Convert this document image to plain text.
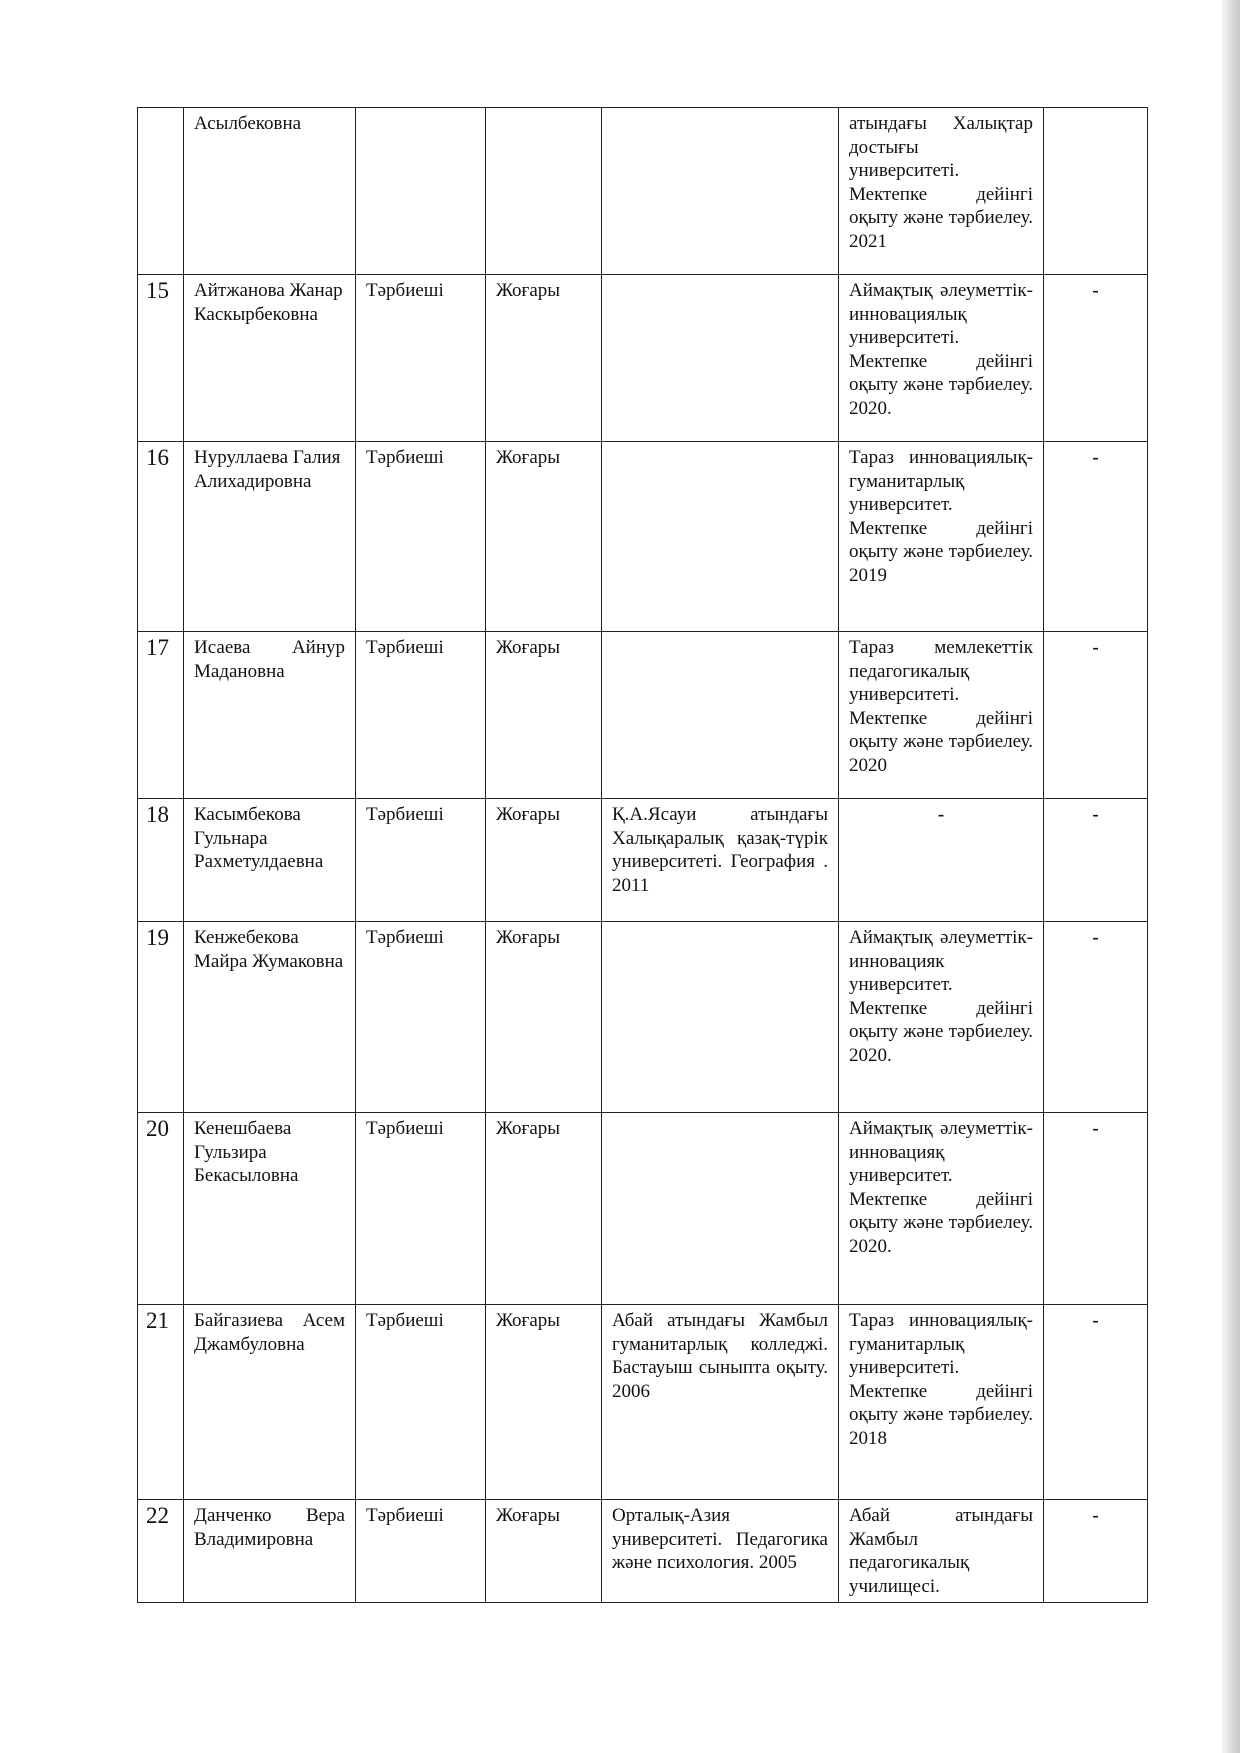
	Асылбековна				атындағы Халықтар достығы университеті. Мектепке дейінгі оқыту және тәрбиелеу. 2021	
15	Айтжанова Жанар Каскырбековна	Тәрбиеші	Жоғары		Аймақтық әлеуметтік-инновациялық университеті. Мектепке дейінгі оқыту және тәрбиелеу. 2020.	-
16	Нуруллаева Галия Алихадировна	Тәрбиеші	Жоғары		Тараз инновациялық-гуманитарлық университет. Мектепке дейінгі оқыту және тәрбиелеу. 2019	-
17	Исаева Айнур Мадановна	Тәрбиеші	Жоғары		Тараз мемлекеттік педагогикалық университеті. Мектепке дейінгі оқыту және тәрбиелеу. 2020	-
18	Касымбекова Гульнара Рахметулдаевна	Тәрбиеші	Жоғары	Қ.А.Ясауи атындағы Халықаралық қазақ-түрік университеті. География . 2011	-	-
19	Кенжебекова Майра Жумаковна	Тәрбиеші	Жоғары		Аймақтық әлеуметтік-инновацияк университет. Мектепке дейінгі оқыту және тәрбиелеу. 2020.	-
20	Кенешбаева Гульзира Бекасыловна	Тәрбиеші	Жоғары		Аймақтық әлеуметтік-инновацияқ университет. Мектепке дейінгі оқыту және тәрбиелеу. 2020.	-
21	Байгазиева Асем Джамбуловна	Тәрбиеші	Жоғары	Абай атындағы Жамбыл гуманитарлық колледжі. Бастауыш сыныпта оқыту. 2006	Тараз инновациялық-гуманитарлық университеті. Мектепке дейінгі оқыту және тәрбиелеу. 2018	-
22	Данченко Вера Владимировна	Тәрбиеші	Жоғары	Орталық-Азия университеті. Педагогика және психология. 2005	Абай атындағы Жамбыл педагогикалық училищесі.	-
